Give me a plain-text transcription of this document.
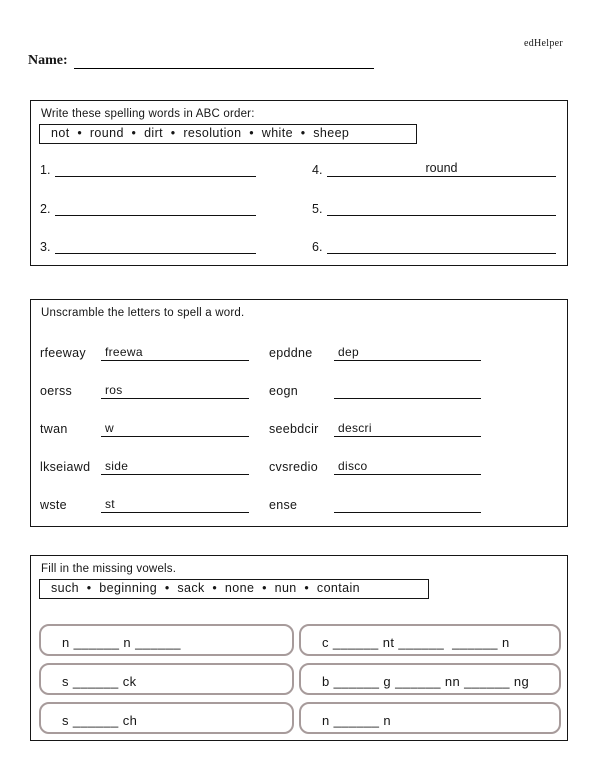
edHelper
Name:
Write these spelling words in ABC order:
not  •  round  •  dirt  •  resolution  •  white  •  sheep
1.
2.
3.
4.	round
5.
6.
Unscramble the letters to spell a word.
rfeeway	freewa	epddne	dep
oerss	ros	eogn
twan	w	seebdcir	descri
lkseiawd	side	cvsredio	disco
wste	st	ense
Fill in the missing vowels.
such  •  beginning  •  sack  •  none  •  nun  •  contain
n ______ n ______	c ______ nt ______  ______ n
s ______ ck	b ______ g ______ nn ______ ng
s ______ ch	n ______ n
